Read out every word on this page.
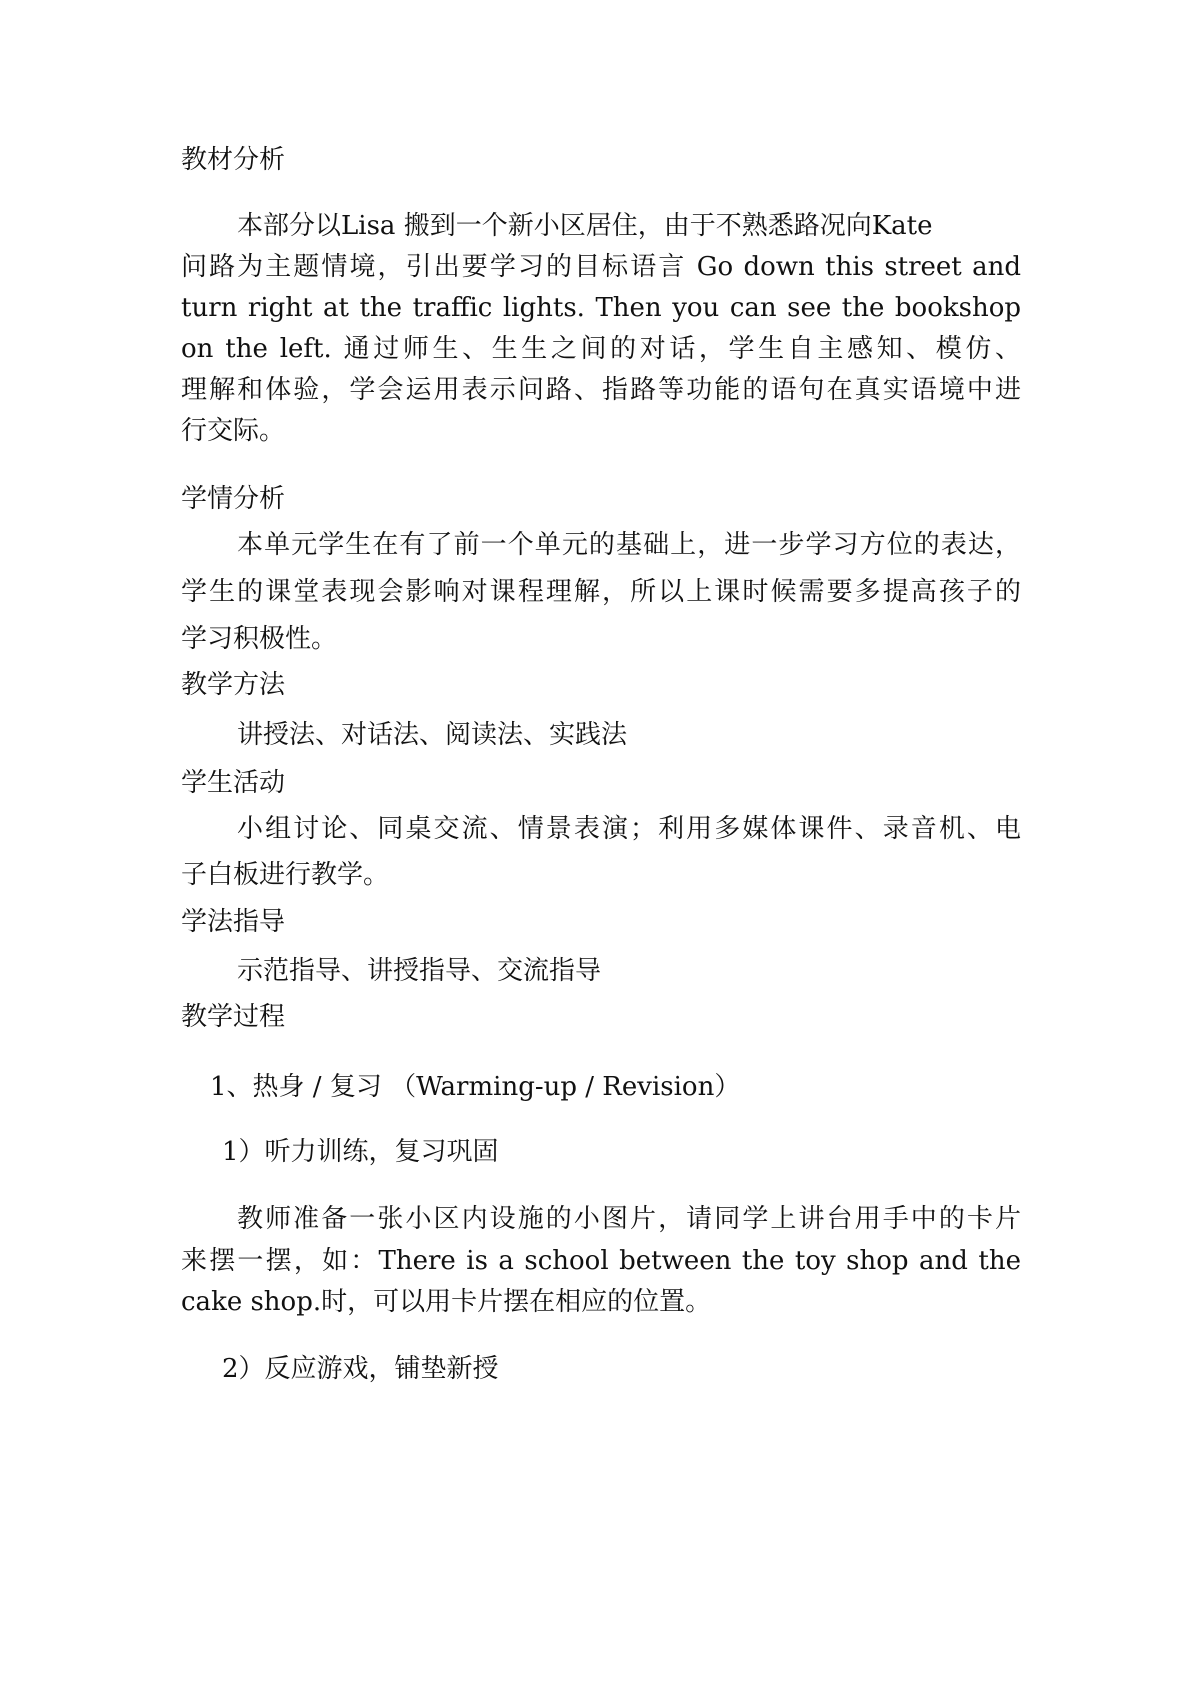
教材分析
本部分以Lisa 搬到一个新小区居住，由于不熟悉路况向Kate
问路为主题情境，引出要学习的目标语言 Go down this street and
turn right at the traffic lights. Then you can see the bookshop
on the left. 通过师生、生生之间的对话，学生自主感知、模仿、
理解和体验，学会运用表示问路、指路等功能的语句在真实语境中进
行交际。
学情分析
本单元学生在有了前一个单元的基础上，进一步学习方位的表达，
学生的课堂表现会影响对课程理解，所以上课时候需要多提高孩子的
学习积极性。
教学方法
讲授法、对话法、阅读法、实践法
学生活动
小组讨论、同桌交流、情景表演；利用多媒体课件、录音机、电
子白板进行教学。
学法指导
示范指导、讲授指导、交流指导
教学过程
1、热身 / 复习 （Warming-up / Revision）
1）听力训练，复习巩固
教师准备一张小区内设施的小图片，请同学上讲台用手中的卡片
来摆一摆，如：There is a school between the toy shop and the
cake shop.时，可以用卡片摆在相应的位置。
2）反应游戏，铺垫新授
